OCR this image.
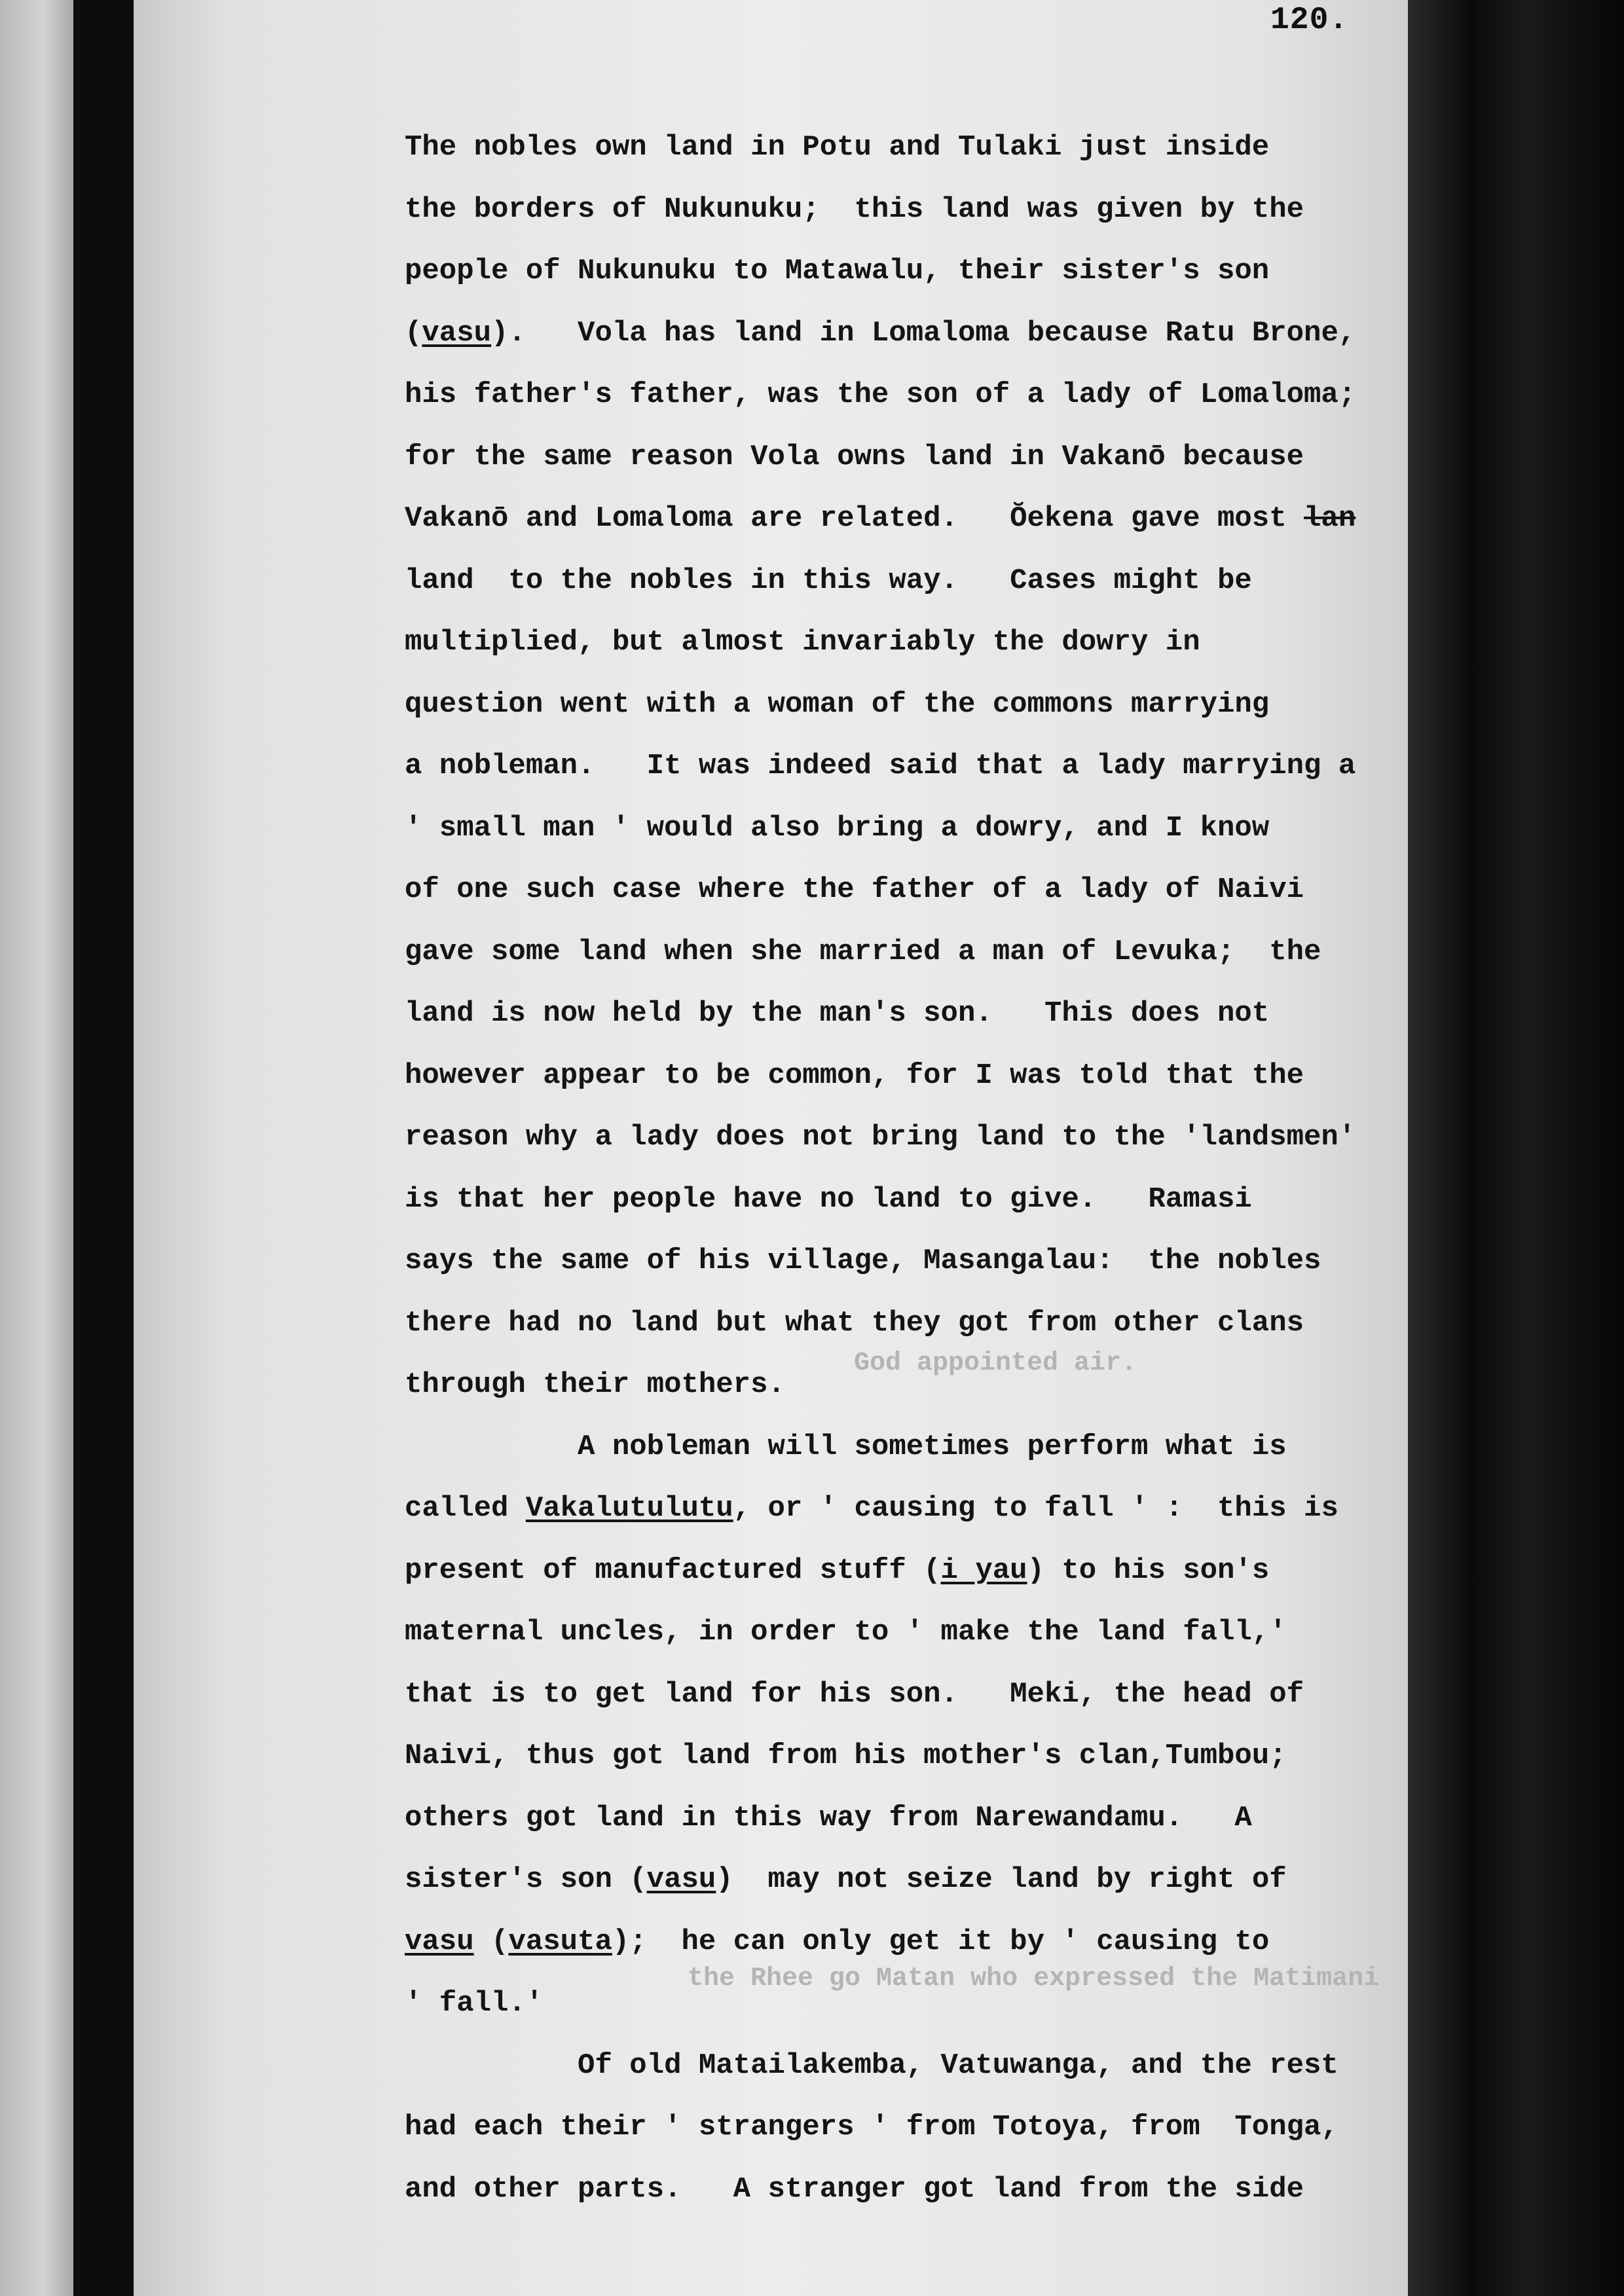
God appointed air.
the Rhee go Matan who expressed the Matimani
120.
The nobles own land in Potu and Tulaki just inside
the borders of Nukunuku;  this land was given by the
people of Nukunuku to Matawalu, their sister's son
(vasu).   Vola has land in Lomaloma because Ratu Brone,
his father's father, was the son of a lady of Lomaloma;
for the same reason Vola owns land in Vakanō because
Vakanō and Lomaloma are related.   Ŏekena gave most lan
land  to the nobles in this way.   Cases might be
multiplied, but almost invariably the dowry in
question went with a woman of the commons marrying
a nobleman.   It was indeed said that a lady marrying a
' small man ' would also bring a dowry, and I know
of one such case where the father of a lady of Naivi
gave some land when she married a man of Levuka;  the
land is now held by the man's son.   This does not
however appear to be common, for I was told that the
reason why a lady does not bring land to the 'landsmen'
is that her people have no land to give.   Ramasi
says the same of his village, Masangalau:  the nobles
there had no land but what they got from other clans
through their mothers.
A nobleman will sometimes perform what is
called Vakalutulutu, or ' causing to fall ' :  this is
present of manufactured stuff (i yau) to his son's
maternal uncles, in order to ' make the land fall,'
that is to get land for his son.   Meki, the head of
Naivi, thus got land from his mother's clan,Tumbou;
others got land in this way from Narewandamu.   A
sister's son (vasu)  may not seize land by right of
vasu (vasuta);  he can only get it by ' causing to
' fall.'
Of old Matailakemba, Vatuwanga, and the rest
had each their ' strangers ' from Totoya, from  Tonga,
and other parts.   A stranger got land from the side
